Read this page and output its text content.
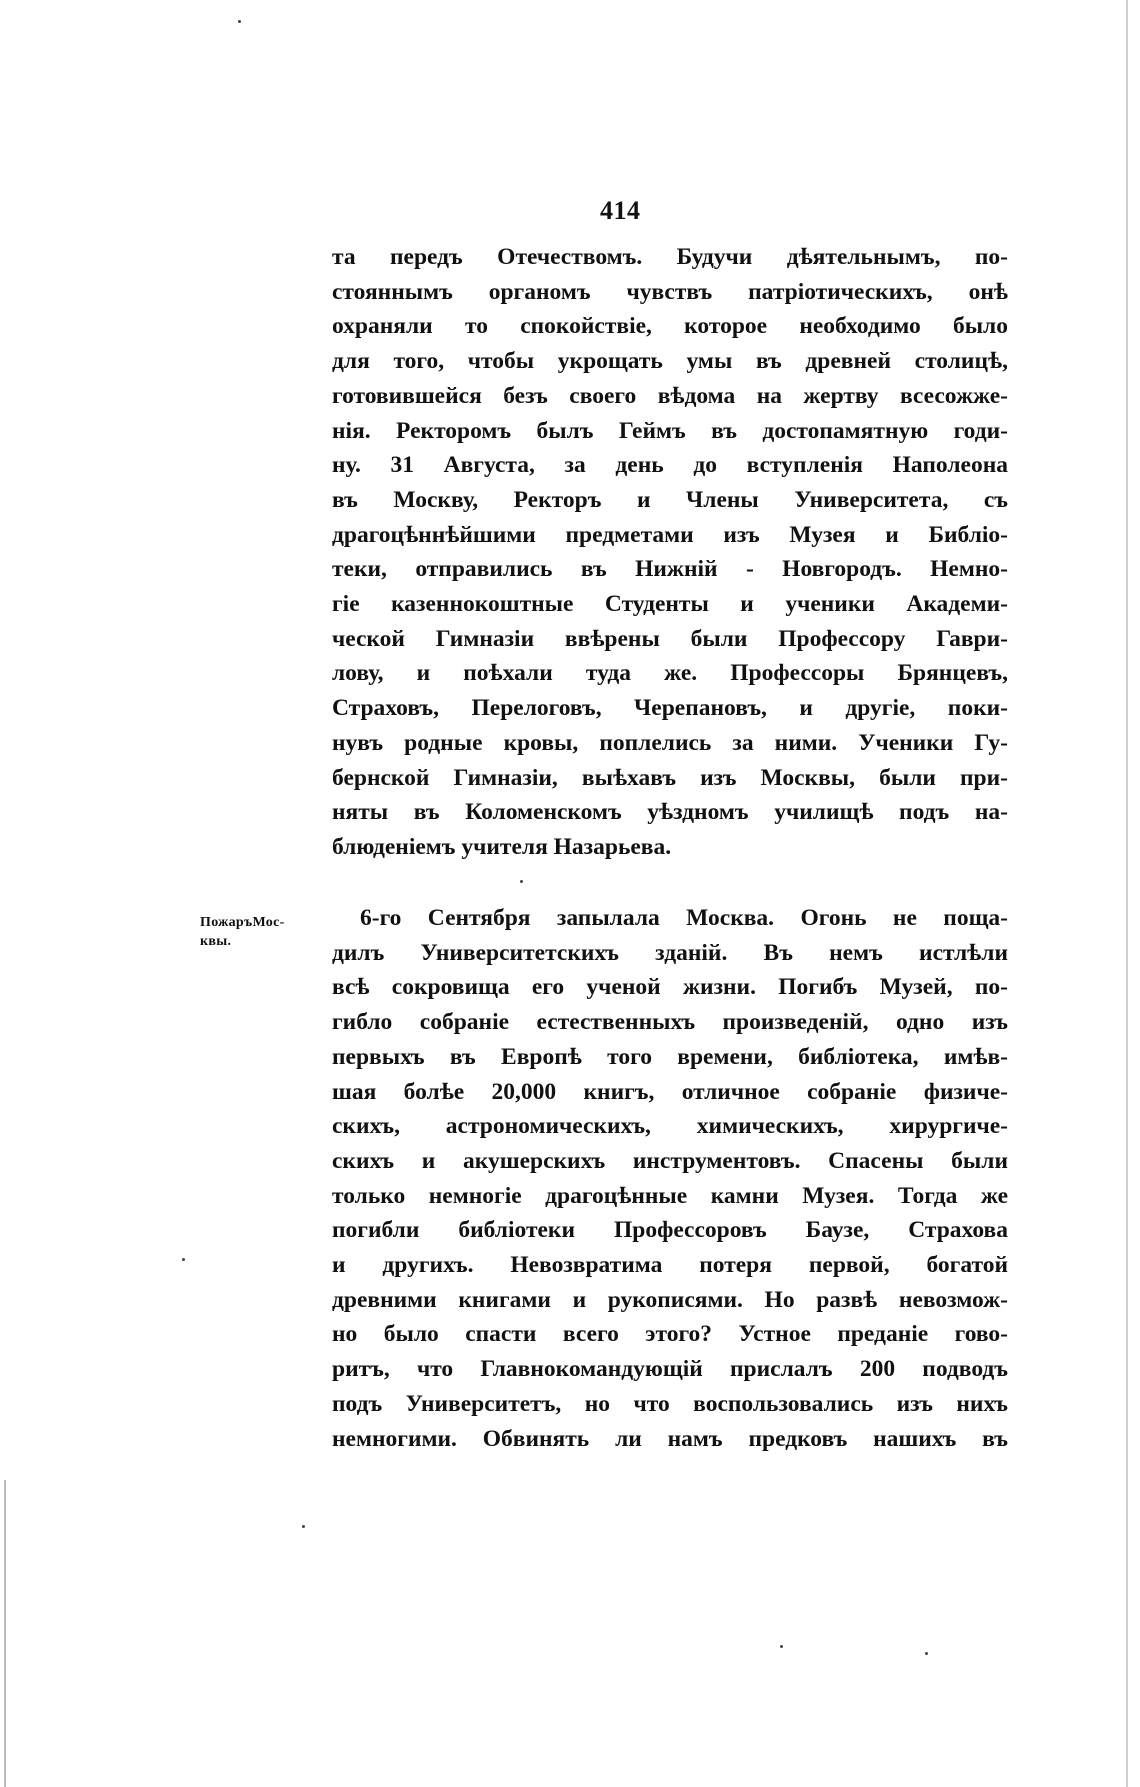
414
та передъ Отечествомъ. Будучи дѣятельнымъ, по-
стояннымъ органомъ чувствъ патріотическихъ, онѣ
охраняли то спокойствіе, которое необходимо было
для того, чтобы укрощать умы въ древней столицѣ,
готовившейся безъ своего вѣдома на жертву всесожже-
нія. Ректоромъ былъ Геймъ въ достопамятную годи-
ну. 31 Августа, за день до вступленія Наполеона
въ Москву, Ректоръ и Члены Университета, съ
драгоцѣннѣйшими предметами изъ Музея и Библіо-
теки, отправились въ Нижній - Новгородъ. Немно-
гіе казеннокоштные Студенты и ученики Академи-
ческой Гимназіи ввѣрены были Профессору Гаври-
лову, и поѣхали туда же. Профессоры Брянцевъ,
Страховъ, Перелоговъ, Черепановъ, и другіе, поки-
нувъ родные кровы, поплелись за ними. Ученики Гу-
бернской Гимназіи, выѣхавъ изъ Москвы, были при-
няты въ Коломенскомъ уѣздномъ училищѣ подъ на-
блюденіемъ учителя Назарьева.
ПожаръМос-
квы.
6-го Сентября запылала Москва. Огонь не пощa-
дилъ Университетскихъ зданій. Въ немъ истлѣли
всѣ сокровища его ученой жизни. Погибъ Музей, по-
гибло собраніе естественныхъ произведеній, одно изъ
первыхъ въ Европѣ того времени, библіотека, имѣв-
шая болѣе 20,000 книгъ, отличное собраніе физиче-
скихъ, астрономическихъ, химическихъ, хирургиче-
скихъ и акушерскихъ инструментовъ. Спасены были
только немногіе драгоцѣнные камни Музея. Тогда же
погибли библіотеки Профессоровъ Баузе, Страхова
и другихъ. Невозвратима потеря первой, богатой
древними книгами и рукописями. Но развѣ невозмож-
но было спасти всего этого? Устное преданіе гово-
ритъ, что Главнокомандующій прислалъ 200 подводъ
подъ Университетъ, но что воспользовались изъ нихъ
немногими. Обвинять ли намъ предковъ нашихъ въ
